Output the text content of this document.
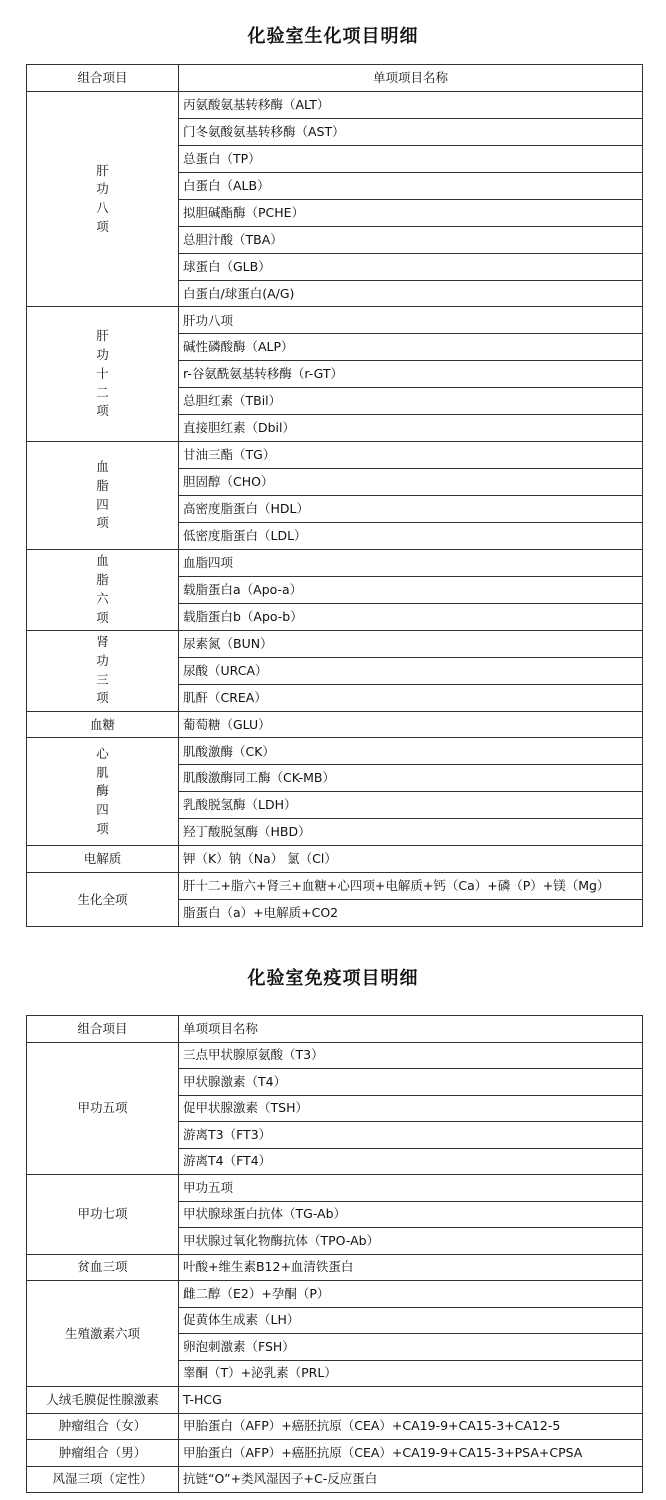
化验室生化项目明细
组合项目	单项项目名称
肝功八项	丙氨酸氨基转移酶（ALT）
	门冬氨酸氨基转移酶（AST）
	总蛋白（TP）
	白蛋白（ALB）
	拟胆碱酯酶（PCHE）
	总胆汁酸（TBA）
	球蛋白（GLB）
	白蛋白/球蛋白(A/G)
肝功十二项	肝功八项
	碱性磷酸酶（ALP）
	r-谷氨酰氨基转移酶（r-GT）
	总胆红素（TBil）
	直接胆红素（Dbil）
血脂四项	甘油三酯（TG）
	胆固醇（CHO）
	高密度脂蛋白（HDL）
	低密度脂蛋白（LDL）
血脂六项	血脂四项
	载脂蛋白a（Apo-a）
	载脂蛋白b（Apo-b）
肾功三项	尿素氮（BUN）
	尿酸（URCA）
	肌酐（CREA）
血糖	葡萄糖（GLU）
心肌酶四项	肌酸激酶（CK）
	肌酸激酶同工酶（CK-MB）
	乳酸脱氢酶（LDH）
	羟丁酸脱氢酶（HBD）
电解质	钾（K）钠（Na） 氯（Cl）
生化全项	肝十二+脂六+肾三+血糖+心四项+电解质+钙（Ca）+磷（P）+镁（Mg）
	脂蛋白（a）+电解质+CO2
化验室免疫项目明细
组合项目	单项项目名称
甲功五项	三点甲状腺原氨酸（T3）
	甲状腺激素（T4）
	促甲状腺激素（TSH）
	游离T3（FT3）
	游离T4（FT4）
甲功七项	甲功五项
	甲状腺球蛋白抗体（TG-Ab）
	甲状腺过氧化物酶抗体（TPO-Ab）
贫血三项	叶酸+维生素B12+血清铁蛋白
生殖激素六项	雌二醇（E2）+孕酮（P）
	促黄体生成素（LH）
	卵泡刺激素（FSH）
	睾酮（T）+泌乳素（PRL）
人绒毛膜促性腺激素	T-HCG
肿瘤组合（女）	甲胎蛋白（AFP）+癌胚抗原（CEA）+CA19-9+CA15-3+CA12-5
肿瘤组合（男）	甲胎蛋白（AFP）+癌胚抗原（CEA）+CA19-9+CA15-3+PSA+CPSA
风湿三项（定性）	抗链“O”+类风湿因子+C-反应蛋白
